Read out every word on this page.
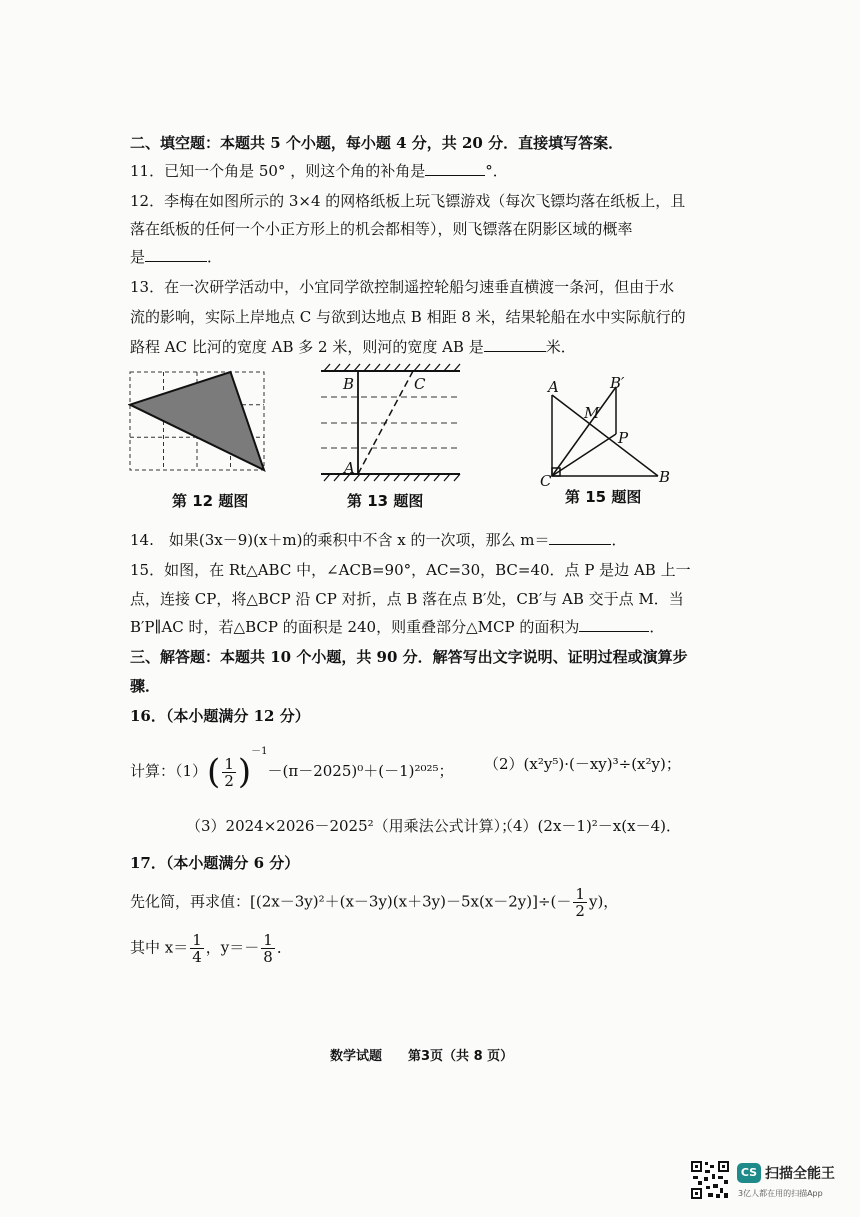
二、填空题：本题共 5 个小题，每小题 4 分，共 20 分．直接填写答案．
11．已知一个角是 50° ，则这个角的补角是	°．
12．李梅在如图所示的 3×4 的网格纸板上玩飞镖游戏（每次飞镖均落在纸板上，且
落在纸板的任何一个小正方形上的机会都相等），则飞镖落在阴影区域的概率
是	．
13．在一次研学活动中，小宜同学欲控制遥控轮船匀速垂直横渡一条河，但由于水
流的影响，实际上岸地点 C 与欲到达地点 B 相距 8 米，结果轮船在水中实际航行的
路程 AC 比河的宽度 AB 多 2 米，则河的宽度 AB 是	米．
第 12 题图
B	C
A
第 13 题图
A	B′
M
P
C	B
第 15 题图
14.　如果(3x－9)(x＋m)的乘积中不含 x 的一次项，那么 m＝	．
15．如图，在 Rt△ABC 中，∠ACB=90°，AC=30，BC=40．点 P 是边 AB 上一
点，连接 CP，将△BCP 沿 CP 对折，点 B 落在点 B′处，CB′与 AB 交于点 M．当
B′P∥AC 时，若△BCP 的面积是 240，则重叠部分△MCP 的面积为	．
三、解答题：本题共 10 个小题，共 90 分．解答写出文字说明、证明过程或演算步
骤．
16．（本小题满分 12 分）
计算：$(1)( \frac{1}{2} )^{-1}-(\pi-2025)^0+(-1)^{2025}$； （2）(x²y⁵)·(－xy)³÷(x²y)；
（3）2024×2026－2025²（用乘法公式计算）；
（4）(2x－1)²－x(x－4)．
17．（本小题满分 6 分）
先化简，再求值：$[(2x-3y)^2+(x-3y)(x+3y)-5x(x-2y)]\div(- \frac{1}{2} y)$，
其中 $x= \frac{1}{4}$ ，$y=- \frac{1}{8}$ ．
数学试题　　第3页（共 8 页）
CS 扫描全能王
3亿人都在用的扫描App
